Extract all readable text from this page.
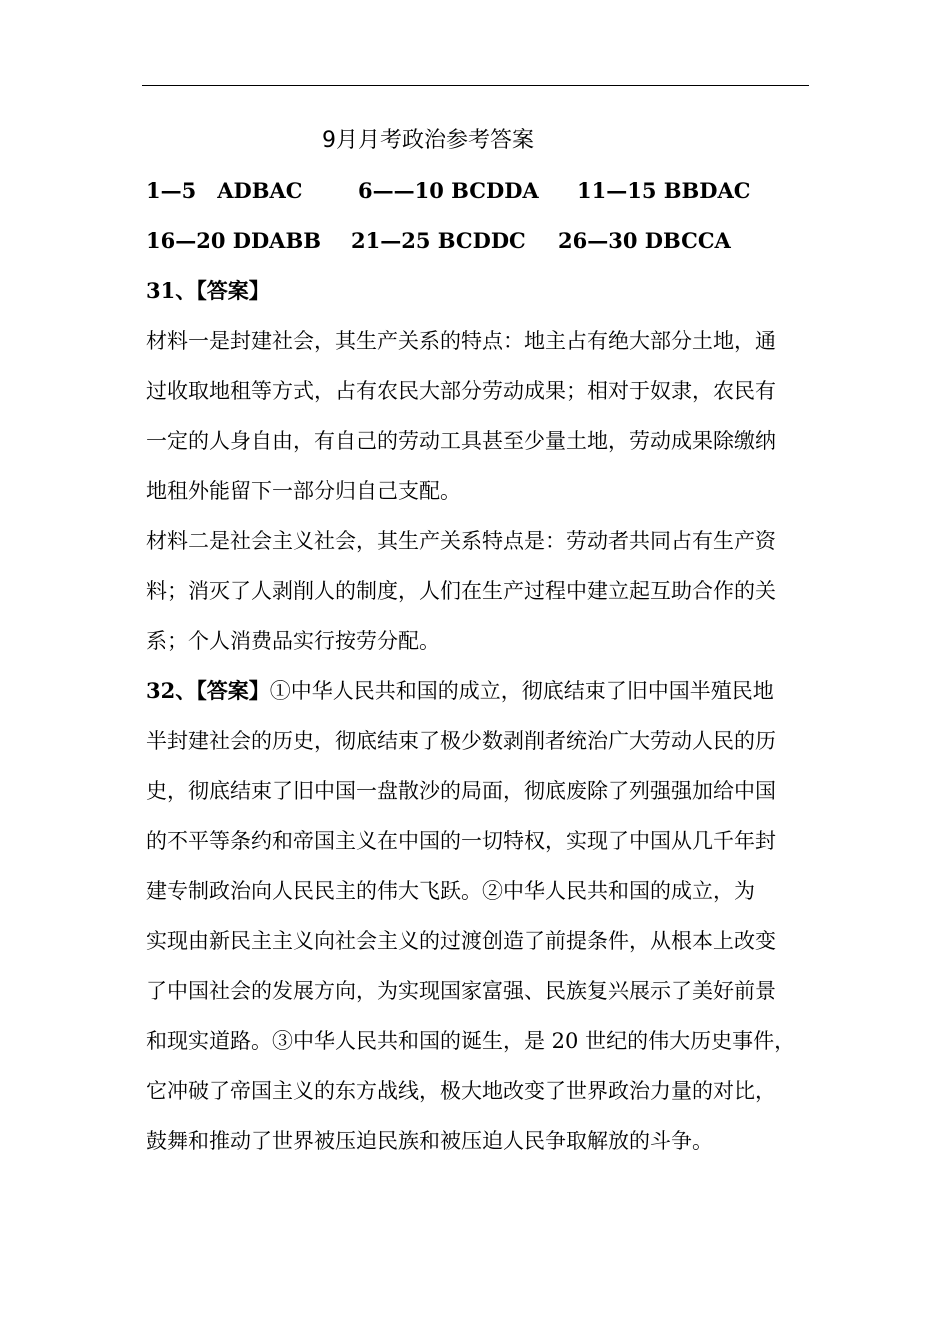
9月月考政治参考答案
1—5　ADBAC	6——10 BCDDA 11—15 BBDAC
16—20 DDABB 21—25 BCDDC 26—30 DBCCA
31、【答案】
材料一是封建社会，其生产关系的特点：地主占有绝大部分土地，通
过收取地租等方式，占有农民大部分劳动成果；相对于奴隶，农民有
一定的人身自由，有自己的劳动工具甚至少量土地，劳动成果除缴纳
地租外能留下一部分归自己支配。
材料二是社会主义社会，其生产关系特点是：劳动者共同占有生产资
料；消灭了人剥削人的制度，人们在生产过程中建立起互助合作的关
系；个人消费品实行按劳分配。
32、【答案】①中华人民共和国的成立，彻底结束了旧中国半殖民地
半封建社会的历史，彻底结束了极少数剥削者统治广大劳动人民的历
史，彻底结束了旧中国一盘散沙的局面，彻底废除了列强强加给中国
的不平等条约和帝国主义在中国的一切特权，实现了中国从几千年封
建专制政治向人民民主的伟大飞跃。②中华人民共和国的成立，为
实现由新民主主义向社会主义的过渡创造了前提条件，从根本上改变
了中国社会的发展方向，为实现国家富强、民族复兴展示了美好前景
和现实道路。③中华人民共和国的诞生，是 20 世纪的伟大历史事件，
它冲破了帝国主义的东方战线，极大地改变了世界政治力量的对比，
鼓舞和推动了世界被压迫民族和被压迫人民争取解放的斗争。
